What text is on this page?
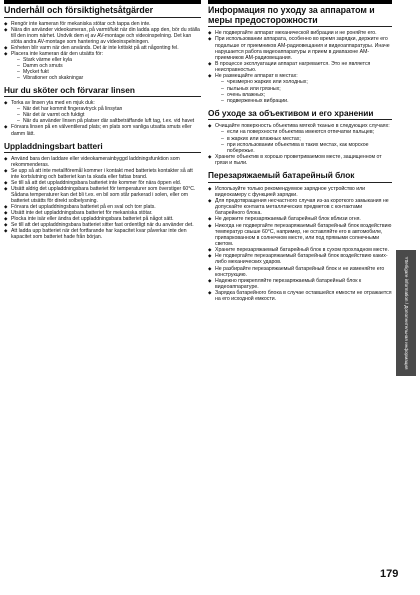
Underhåll och försiktighetsåtgärder
◆ Rengör inte kameran för mekaniska stötar och tappa den inte.
◆ Nära din använder videokameran, på varmt/fukt när din ladda app den, bör du ställa till den inom närhet. Undvik dem ej av AV-montage och videoinspelning. Det kan stöta andra AV-montage som hantering av videoinspelningen.
◆ Enheten blir varm när den används. Det är inte kritiskt på att någonting fel.
◆ Placera inte kameran där den utsätts för:
– Stark värme eller kyla
– Damm och smuts
– Mycket fukt
– Vibrationer och skakningar
Hur du sköter och förvarar linsen
◆ Torka av linsen yta med en mjuk duk:
– När det har kommit fingeravtryck på linsytan
– När det är varmt och fuktigt
– När du använder linsen på platser där saltbeträffande luft tag, t.ex. vid havet
◆ Förvara linsen på en välventilerad plats; en plats som vanliga utsatta smuts eller damm lätt.
Uppladdningsbart batteri
◆ Använd bara den laddare eller videokamerainbyggd laddningsfunktion som rekommenderas.
◆ Se upp så att inte metallföremål kommer i kontakt med batteriets kontakter så att inte kortslutning och batteriet kan ta skada eller fattas brand.
◆ Se till så att det uppladdningsbara batteriet inte kommer för nära öppen eld.
◆ Utsätt aldrig det uppladdningsbara batteriet för temperaturer som överstiger 60°C. Sådana temperaturer kan det bli t.ex. en bil som står parkerad i solen, eller om batteriet utsätts för direkt solbelysning.
◆ Förvara det uppladdningsbara batteriet på en sval och torr plats.
◆ Utsätt inte det uppladdningsbara batteriet för mekaniska stötar.
◆ Plocka inte isär eller ändra det uppladdningsbara batteriet på något sätt.
◆ Se till att det uppladdningsbara batteriet sitter fast ordentligt när du använder det.
◆ Att ladda upp batteriet när det fortfarande har kapacitet kvar påverkar inte den kapacitet som batteriet hade från början.
Информация по уходу за аппаратом и меры предосторожности
◆ Не подвергайте аппарат механической вибрации и не роняйте его.
◆ При использовании аппарата, особенно во время зарядки, держите его подальше от приемников AM-радиовещания и видеоаппаратуры. Иначе нарушается работа видеоаппаратуры и прием в диапазоне AM-приемников AM-радиовещания.
◆ В процессе эксплуатации аппарат нагревается. Это не является неисправностью.
◆ Не размещайте аппарат в местах:
– чрезмерно жарких или холодных;
– пыльных или грязных;
– очень влажных;
– подверженных вибрации.
Об уходе за объективом и его хранении
◆ Очищайте поверхность объектива мягкой тканью в следующих случаях:
– если на поверхности объектива имеются отпечатки пальцев;
– в жарких или влажных местах;
– при использовании объектива в таких местах, как морское побережье.
◆ Храните объектив в хорошо проветриваемом месте, защищенном от грязи и пыли.
Перезаряжаемый батарейный блок
◆ Используйте только рекомендуемое зарядное устройство или видеокамеру с функцией зарядки.
◆ Для предотвращения несчастного случая из-за короткого замыкания не допускайте контакта металлических предметов с контактами батарейного блока.
◆ Не держите перезаряжаемый батарейный блок вблизи огня.
◆ Никогда не подвергайте перезаряжаемый батарейный блок воздействию температур свыше 60°C, например, не оставляйте его в автомобиле, припаркованном в солнечном месте, или под прямыми солнечными светом.
◆ Храните перезаряжаемый батарейный блок в сухом прохладном месте.
◆ Не подвергайте перезаряжаемый батарейный блок воздействию каких-либо механических ударов.
◆ Не разбирайте перезаряжаемый батарейный блок и не изменяйте его конструкцию.
◆ Надежно прикрепляйте перезаряжаемый батарейный блок к видеоаппаратуре.
◆ Зарядка батарейного блока в случае оставшейся емкости не отражается на его исходной емкости.	Ytterligare information / Дополнительная информация
179
